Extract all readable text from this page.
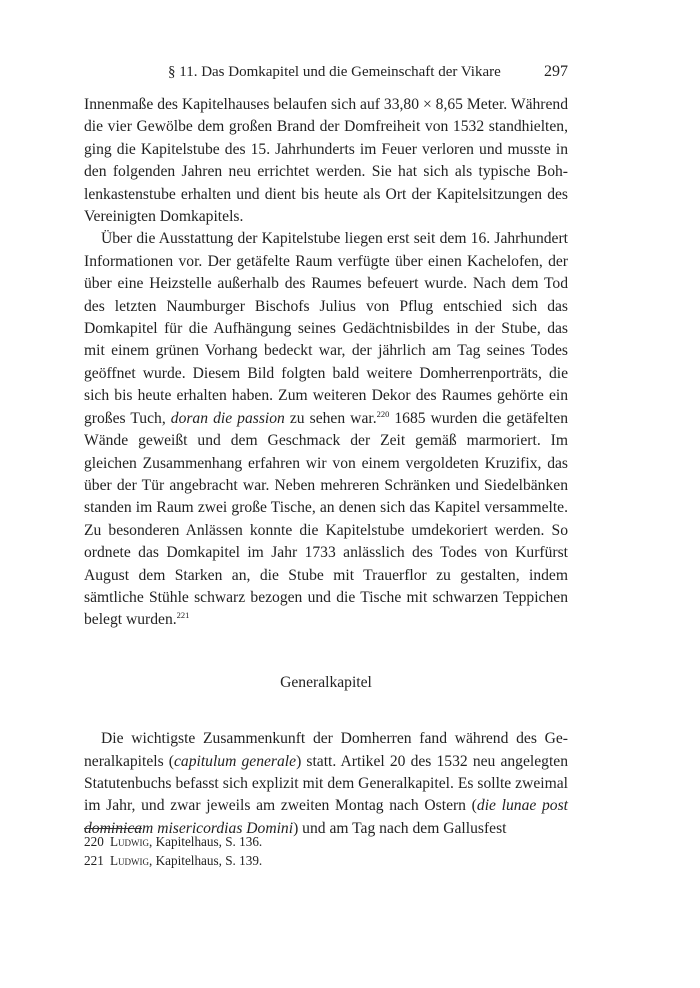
§ 11. Das Domkapitel und die Gemeinschaft der Vikare	297

Innenmaße des Kapitelhauses belaufen sich auf 33,80 × 8,65 Meter. Während die vier Gewölbe dem großen Brand der Domfreiheit von 1532 standhielten, ging die Kapitelstube des 15. Jahrhunderts im Feuer verloren und musste in den folgenden Jahren neu errichtet werden. Sie hat sich als typische Bohlenkastenstube erhalten und dient bis heute als Ort der Kapitelsitzungen des Vereinigten Domkapitels.

Über die Ausstattung der Kapitelstube liegen erst seit dem 16. Jahrhundert Informationen vor. Der getäfelte Raum verfügte über einen Kachelofen, der über eine Heizstelle außerhalb des Raumes befeuert wurde. Nach dem Tod des letzten Naumburger Bischofs Julius von Pflug entschied sich das Domkapitel für die Aufhängung seines Gedächtnisbildes in der Stube, das mit einem grünen Vorhang bedeckt war, der jährlich am Tag seines Todes geöffnet wurde. Diesem Bild folgten bald weitere Domherrenporträts, die sich bis heute erhalten haben. Zum weiteren Dekor des Raumes gehörte ein großes Tuch, doran die passion zu sehen war.$^{220}$ 1685 wurden die getäfelten Wände geweißt und dem Geschmack der Zeit gemäß marmoriert. Im gleichen Zusammenhang erfahren wir von einem vergoldeten Kruzifix, das über der Tür angebracht war. Neben mehreren Schränken und Siedelbänken standen im Raum zwei große Tische, an denen sich das Kapitel versammelte. Zu besonderen Anlässen konnte die Kapitelstube umdekoriert werden. So ordnete das Domkapitel im Jahr 1733 anlässlich des Todes von Kurfürst August dem Starken an, die Stube mit Trauerflor zu gestalten, indem sämtliche Stühle schwarz bezogen und die Tische mit schwarzen Teppichen belegt wurden.$^{221}$

Generalkapitel

Die wichtigste Zusammenkunft der Domherren fand während des Generalkapitels (capitulum generale) statt. Artikel 20 des 1532 neu angelegten Statutenbuchs befasst sich explizit mit dem Generalkapitel. Es sollte zweimal im Jahr, und zwar jeweils am zweiten Montag nach Ostern (die lunae post dominicam misericordias Domini) und am Tag nach dem Gallusfest

220 Ludwig, Kapitelhaus, S. 136.
221 Ludwig, Kapitelhaus, S. 139.
